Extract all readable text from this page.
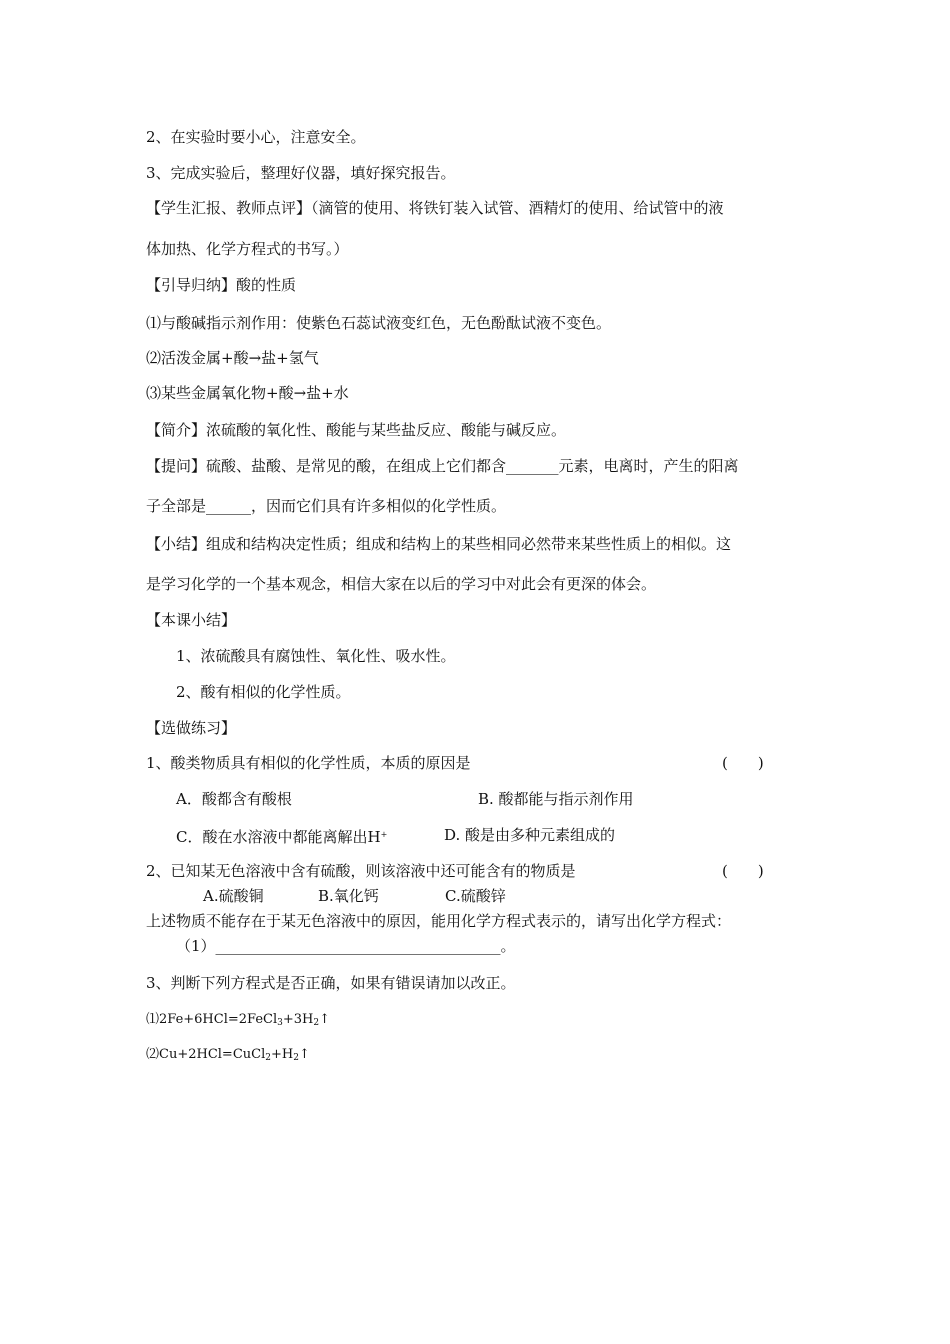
2、在实验时要小心，注意安全。
3、完成实验后，整理好仪器，填好探究报告。
【学生汇报、教师点评】（滴管的使用、将铁钉装入试管、酒精灯的使用、给试管中的液
体加热、化学方程式的书写。）
【引导归纳】酸的性质
⑴与酸碱指示剂作用：使紫色石蕊试液变红色，无色酚酞试液不变色。
⑵活泼金属+酸→盐+氢气
⑶某些金属氧化物+酸→盐+水
【简介】浓硫酸的氧化性、酸能与某些盐反应、酸能与碱反应。
【提问】硫酸、盐酸、是常见的酸，在组成上它们都含_______元素，电离时，产生的阳离
子全部是______，因而它们具有许多相似的化学性质。
【小结】组成和结构决定性质；组成和结构上的某些相同必然带来某些性质上的相似。这
是学习化学的一个基本观念，相信大家在以后的学习中对此会有更深的体会。
【本课小结】
1、浓硫酸具有腐蚀性、氧化性、吸水性。
2、酸有相似的化学性质。
【选做练习】
1、酸类物质具有相似的化学性质，本质的原因是	(　　)
A．酸都含有酸根	B. 酸都能与指示剂作用
C．酸在水溶液中都能离解出H+	D. 酸是由多种元素组成的
2、已知某无色溶液中含有硫酸，则该溶液中还可能含有的物质是	(　　)
A.硫酸铜	B.氧化钙	C.硫酸锌
上述物质不能存在于某无色溶液中的原因，能用化学方程式表示的，请写出化学方程式：
（1）______________________________________。
3、判断下列方程式是否正确，如果有错误请加以改正。
$⑴2Fe+6HCl=2FeCl_3+3H_2↑$
$⑵Cu+2HCl=CuCl_2+H_2↑$
